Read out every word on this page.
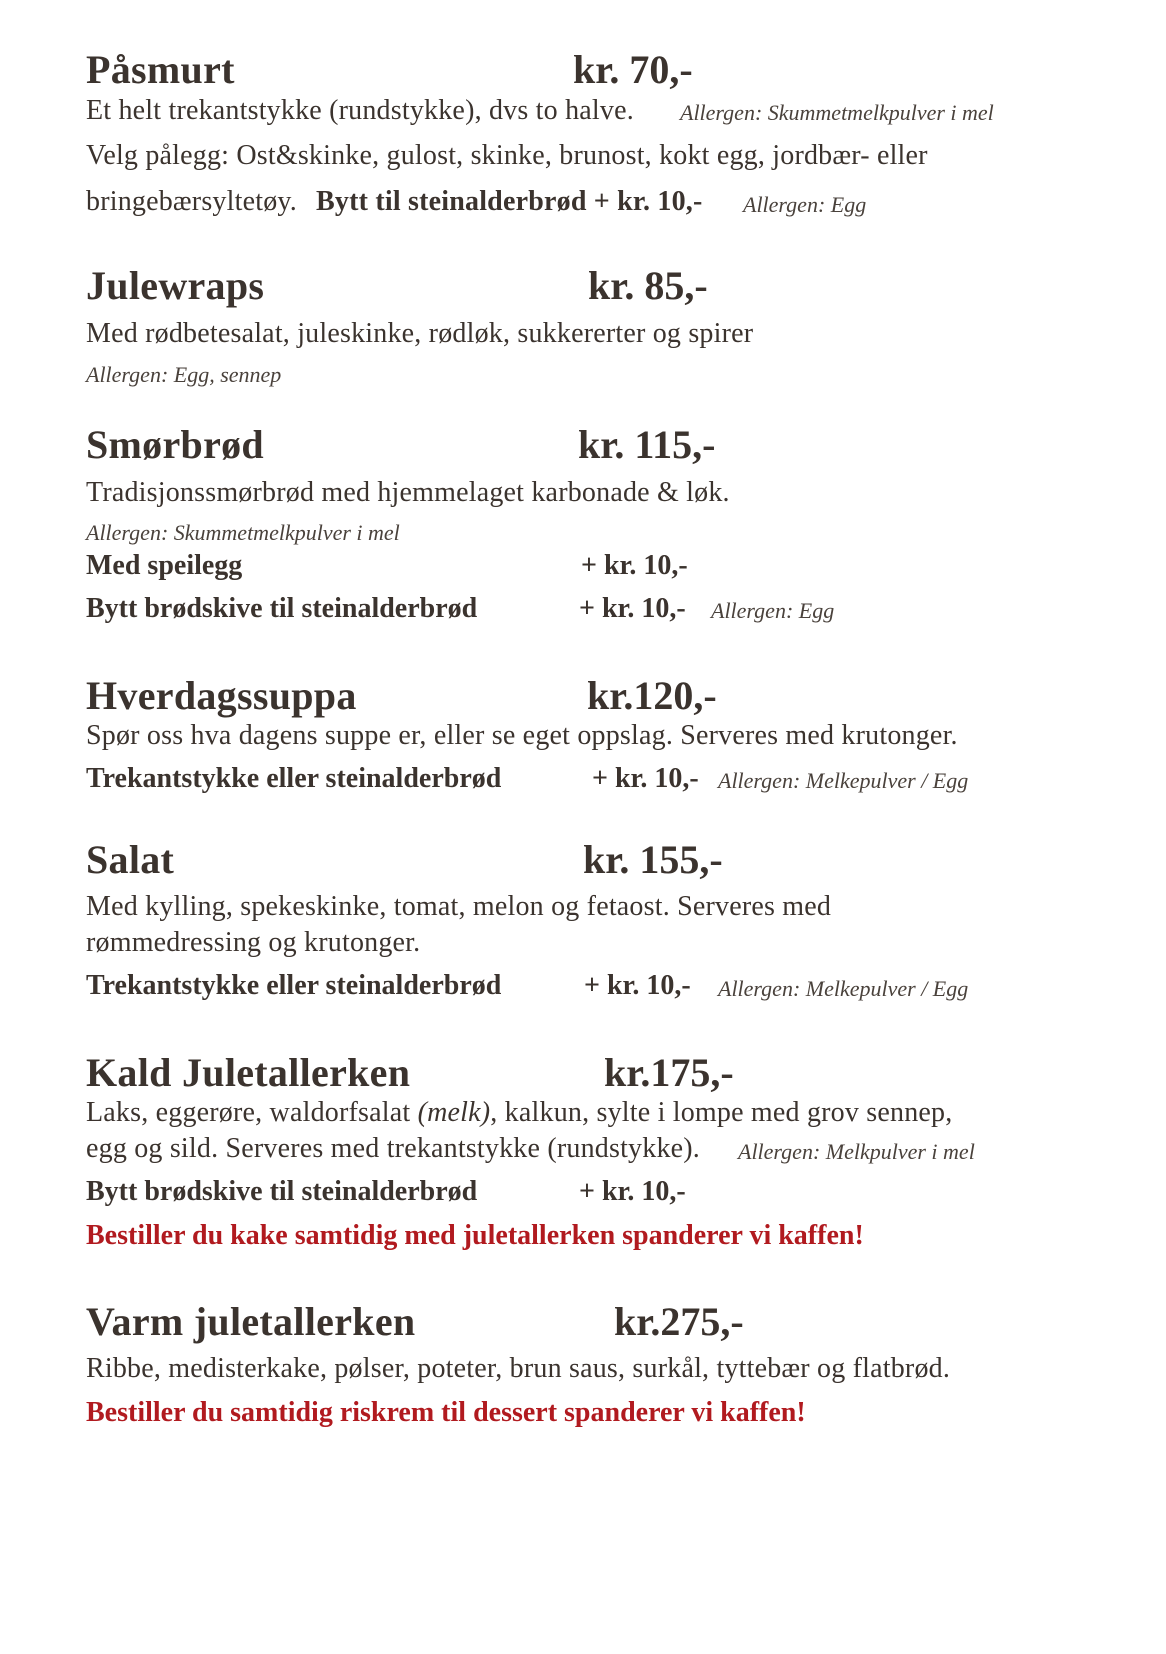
Påsmurt	kr. 70,-
Et helt trekantstykke (rundstykke), dvs to halve. Allergen: Skummetmelkpulver i mel
Velg pålegg: Ost&skinke, gulost, skinke, brunost, kokt egg, jordbær- eller
bringebærsyltetøy. Bytt til steinalderbrød + kr. 10,- Allergen: Egg
Julewraps	kr. 85,-
Med rødbetesalat, juleskinke, rødløk, sukkererter og spirer
Allergen: Egg, sennep
Smørbrød	kr. 115,-
Tradisjonssmørbrød med hjemmelaget karbonade & løk.
Allergen: Skummetmelkpulver i mel
Med speilegg	+ kr. 10,-
Bytt brødskive til steinalderbrød	+ kr. 10,- Allergen: Egg
Hverdagssuppa	kr.120,-
Spør oss hva dagens suppe er, eller se eget oppslag. Serveres med krutonger.
Trekantstykke eller steinalderbrød	+ kr. 10,- Allergen: Melkepulver / Egg
Salat	kr. 155,-
Med kylling, spekeskinke, tomat, melon og fetaost. Serveres med
rømmedressing og krutonger.
Trekantstykke eller steinalderbrød	+ kr. 10,- Allergen: Melkepulver / Egg
Kald Juletallerken	kr.175,-
Laks, eggerøre, waldorfsalat (melk), kalkun, sylte i lompe med grov sennep,
egg og sild. Serveres med trekantstykke (rundstykke). Allergen: Melkpulver i mel
Bytt brødskive til steinalderbrød	+ kr. 10,-
Bestiller du kake samtidig med juletallerken spanderer vi kaffen!
Varm juletallerken	kr.275,-
Ribbe, medisterkake, pølser, poteter, brun saus, surkål, tyttebær og flatbrød.
Bestiller du samtidig riskrem til dessert spanderer vi kaffen!
